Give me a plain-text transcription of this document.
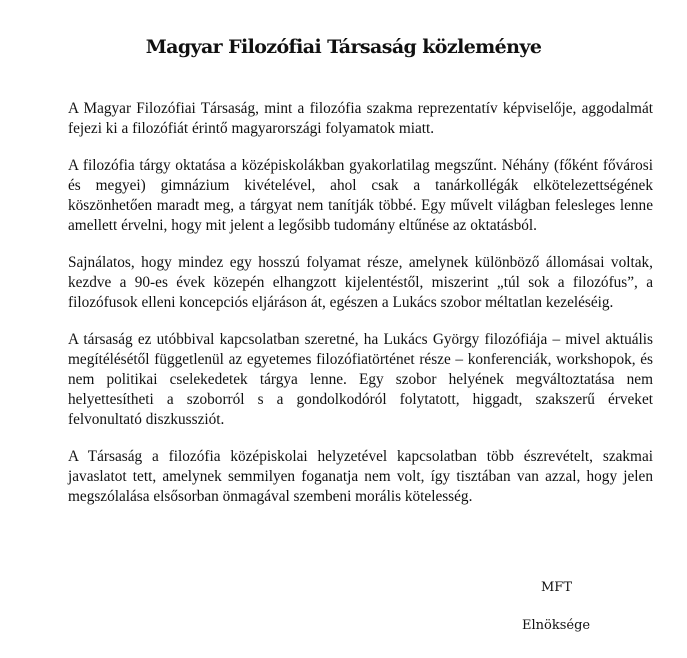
Magyar Filozófiai Társaság közleménye
A Magyar Filozófiai Társaság, mint a filozófia szakma reprezentatív képviselője, aggodalmát
fejezi ki a filozófiát érintő magyarországi folyamatok miatt.
A filozófia tárgy oktatása a középiskolákban gyakorlatilag megszűnt. Néhány (főként fővárosi
és megyei) gimnázium kivételével, ahol csak a tanárkollégák elkötelezettségének
köszönhetően maradt meg, a tárgyat nem tanítják többé. Egy művelt világban felesleges lenne
amellett érvelni, hogy mit jelent a legősibb tudomány eltűnése az oktatásból.
Sajnálatos, hogy mindez egy hosszú folyamat része, amelynek különböző állomásai voltak,
kezdve a 90-es évek közepén elhangzott kijelentéstől, miszerint „túl sok a filozófus”, a
filozófusok elleni koncepciós eljáráson át, egészen a Lukács szobor méltatlan kezeléséig.
A társaság ez utóbbival kapcsolatban szeretné, ha Lukács György filozófiája – mivel aktuális
megítélésétől függetlenül az egyetemes filozófiatörténet része – konferenciák, workshopok, és
nem politikai cselekedetek tárgya lenne. Egy szobor helyének megváltoztatása nem
helyettesítheti a szoborról s a gondolkodóról folytatott, higgadt, szakszerű érveket
felvonultató diszkussziót.
A Társaság a filozófia középiskolai helyzetével kapcsolatban több észrevételt, szakmai
javaslatot tett, amelynek semmilyen foganatja nem volt, így tisztában van azzal, hogy jelen
megszólalása elsősorban önmagával szembeni morális kötelesség.
MFT
Elnöksége
